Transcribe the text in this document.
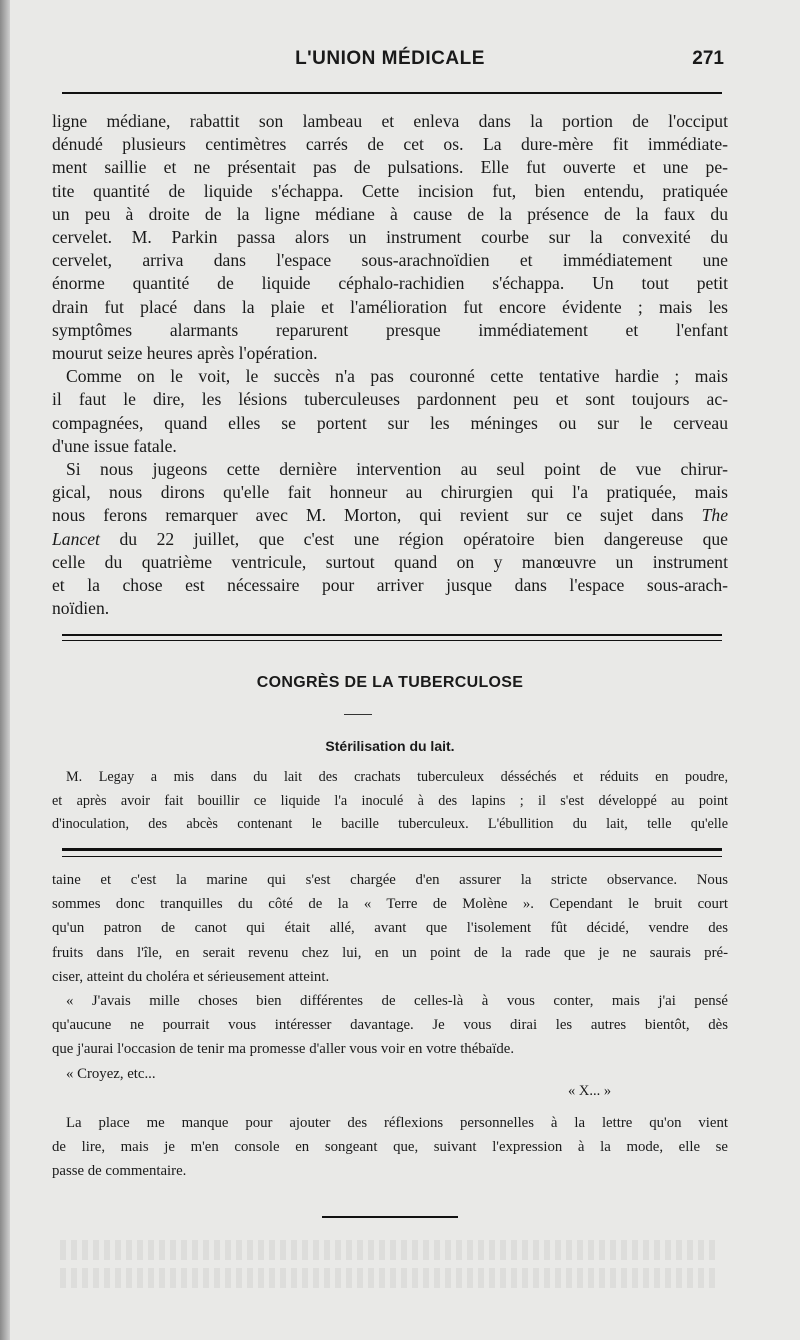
L'UNION MÉDICALE	271
ligne médiane, rabattit son lambeau et enleva dans la portion de l'occiput
dénudé plusieurs centimètres carrés de cet os. La dure-mère fit immédiate-
ment saillie et ne présentait pas de pulsations. Elle fut ouverte et une pe-
tite quantité de liquide s'échappa. Cette incision fut, bien entendu, pratiquée
un peu à droite de la ligne médiane à cause de la présence de la faux du
cervelet. M. Parkin passa alors un instrument courbe sur la convexité du
cervelet, arriva dans l'espace sous-arachnoïdien et immédiatement une
énorme quantité de liquide céphalo-rachidien s'échappa. Un tout petit
drain fut placé dans la plaie et l'amélioration fut encore évidente ; mais les
symptômes alarmants reparurent presque immédiatement et l'enfant
mourut seize heures après l'opération.
Comme on le voit, le succès n'a pas couronné cette tentative hardie ; mais
il faut le dire, les lésions tuberculeuses pardonnent peu et sont toujours ac-
compagnées, quand elles se portent sur les méninges ou sur le cerveau
d'une issue fatale.
Si nous jugeons cette dernière intervention au seul point de vue chirur-
gical, nous dirons qu'elle fait honneur au chirurgien qui l'a pratiquée, mais
nous ferons remarquer avec M. Morton, qui revient sur ce sujet dans The
Lancet du 22 juillet, que c'est une région opératoire bien dangereuse que
celle du quatrième ventricule, surtout quand on y manœuvre un instrument
et la chose est nécessaire pour arriver jusque dans l'espace sous-arach-
noïdien.
CONGRÈS DE LA TUBERCULOSE
Stérilisation du lait.
M. Legay a mis dans du lait des crachats tuberculeux désséchés et réduits en poudre,
et après avoir fait bouillir ce liquide l'a inoculé à des lapins ; il s'est développé au point
d'inoculation, des abcès contenant le bacille tuberculeux. L'ébullition du lait, telle qu'elle
taine et c'est la marine qui s'est chargée d'en assurer la stricte observance. Nous
sommes donc tranquilles du côté de la « Terre de Molène ». Cependant le bruit court
qu'un patron de canot qui était allé, avant que l'isolement fût décidé, vendre des
fruits dans l'île, en serait revenu chez lui, en un point de la rade que je ne saurais pré-
ciser, atteint du choléra et sérieusement atteint.
« J'avais mille choses bien différentes de celles-là à vous conter, mais j'ai pensé
qu'aucune ne pourrait vous intéresser davantage. Je vous dirai les autres bientôt, dès
que j'aurai l'occasion de tenir ma promesse d'aller vous voir en votre thébaïde.
« Croyez, etc...
« X... »
La place me manque pour ajouter des réflexions personnelles à la lettre qu'on vient
de lire, mais je m'en console en songeant que, suivant l'expression à la mode, elle se
passe de commentaire.
